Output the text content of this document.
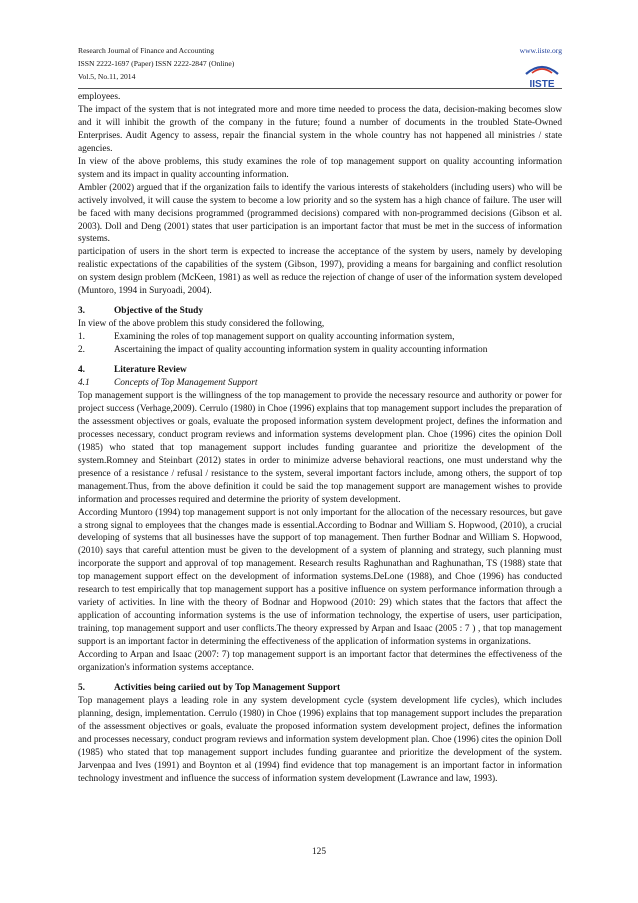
Research Journal of Finance and Accounting	www.iiste.org
ISSN 2222-1697 (Paper) ISSN 2222-2847 (Online)
Vol.5, No.11, 2014
IISTE

employees.

The impact of the system that is not integrated more and more time needed to process the data, decision-making becomes slow and it will inhibit the growth of the company in the future; found a number of documents in the troubled State-Owned Enterprises. Audit Agency to assess, repair the financial system in the whole country has not happened all ministries / state agencies.

In view of the above problems, this study examines the role of top management support on quality accounting information system and its impact in quality accounting information.

Ambler (2002) argued that if the organization fails to identify the various interests of stakeholders (including users) who will be actively involved, it will cause the system to become a low priority and so the system has a high chance of failure. The user will be faced with many decisions programmed (programmed decisions) compared with non-programmed decisions (Gibson et al. 2003). Doll and Deng (2001) states that user participation is an important factor that must be met in the success of information systems.

participation of users in the short term is expected to increase the acceptance of the system by users, namely by developing realistic expectations of the capabilities of the system (Gibson, 1997), providing a means for bargaining and conflict resolution on system design problem (McKeen, 1981) as well as reduce the rejection of change of user of the information system developed (Muntoro, 1994 in Suryoadi, 2004).

3.	Objective of the Study

In view of the above problem this study considered the following,

1.	Examining the roles of top management support on quality accounting information system,
2.	Ascertaining the impact of quality accounting information system in quality accounting information
4.	Literature Review
4.1	Concepts of Top Management Support

Top management support is the willingness of the top management to provide the necessary resource and authority or power for project success (Verhage,2009). Cerrulo (1980) in Choe (1996) explains that top management support includes the preparation of the assessment objectives or goals, evaluate the proposed information system development project, defines the information and processes necessary, conduct program reviews and information systems development plan. Choe (1996) cites the opinion Doll (1985) who stated that top management support includes funding guarantee and prioritize the development of the system.Romney and Steinbart (2012) states in order to minimize adverse behavioral reactions, one must understand why the presence of a resistance / refusal / resistance to the system, several important factors include, among others, the support of top management.Thus, from the above definition it could be said the top management support are management wishes to provide information and processes required and determine the priority of system development.

According Muntoro (1994) top management support is not only important for the allocation of the necessary resources, but gave a strong signal to employees that the changes made is essential.According to Bodnar and William S. Hopwood, (2010), a crucial developing of systems that all businesses have the support of top management. Then further Bodnar and William S. Hopwood, (2010) says that careful attention must be given to the development of a system of planning and strategy, such planning must incorporate the support and approval of top management. Research results Raghunathan and Raghunathan, TS (1988) state that top management support effect on the development of information systems.DeLone (1988), and Choe (1996) has conducted research to test empirically that top management support has a positive influence on system performance information through a variety of activities. In line with the theory of Bodnar and Hopwood (2010: 29) which states that the factors that affect the application of accounting information systems is the use of information technology, the expertise of users, user participation, training, top management support and user conflicts.The theory expressed by Arpan and Isaac (2005 : 7 ) , that top management support is an important factor in determining the effectiveness of the application of information systems in organizations.

According to Arpan and Isaac (2007: 7) top management support is an important factor that determines the effectiveness of the organization's information systems acceptance.

5.	Activities being cariied out by Top Management Support

Top management plays a leading role in any system development cycle (system development life cycles), which includes planning, design, implementation. Cerrulo (1980) in Choe (1996) explains that top management support includes the preparation of the assessment objectives or goals, evaluate the proposed information system development project, defines the information and processes necessary, conduct program reviews and information system development plan. Choe (1996) cites the opinion Doll (1985) who stated that top management support includes funding guarantee and prioritize the development of the system. Jarvenpaa and Ives (1991) and Boynton et al (1994) find evidence that top management is an important factor in information technology investment and influence the success of information system development (Lawrance and law, 1993).

125
